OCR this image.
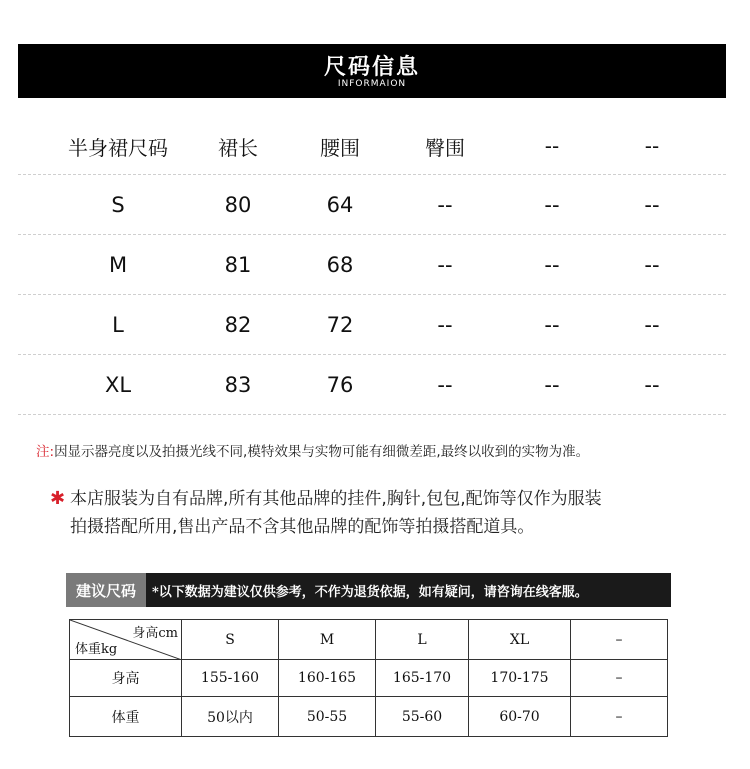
尺码信息
INFORMAION
半身裙尺码	裙长	腰围	臀围	--	--
S	80	64	--	--	--
M	81	68	--	--	--
L	82	72	--	--	--
XL	83	76	--	--	--
注:因显示器亮度以及拍摄光线不同,模特效果与实物可能有细微差距,最终以收到的实物为准。
✱ 本店服装为自有品牌,所有其他品牌的挂件,胸针,包包,配饰等仅作为服装
拍摄搭配所用,售出产品不含其他品牌的配饰等拍摄搭配道具。
建议尺码	*以下数据为建议仅供参考，不作为退货依据，如有疑问，请咨询在线客服。
身高cm
体重kg	S	M	L	XL	–
身高	155-160	160-165	165-170	170-175	–
体重	50以内	50-55	55-60	60-70	–
